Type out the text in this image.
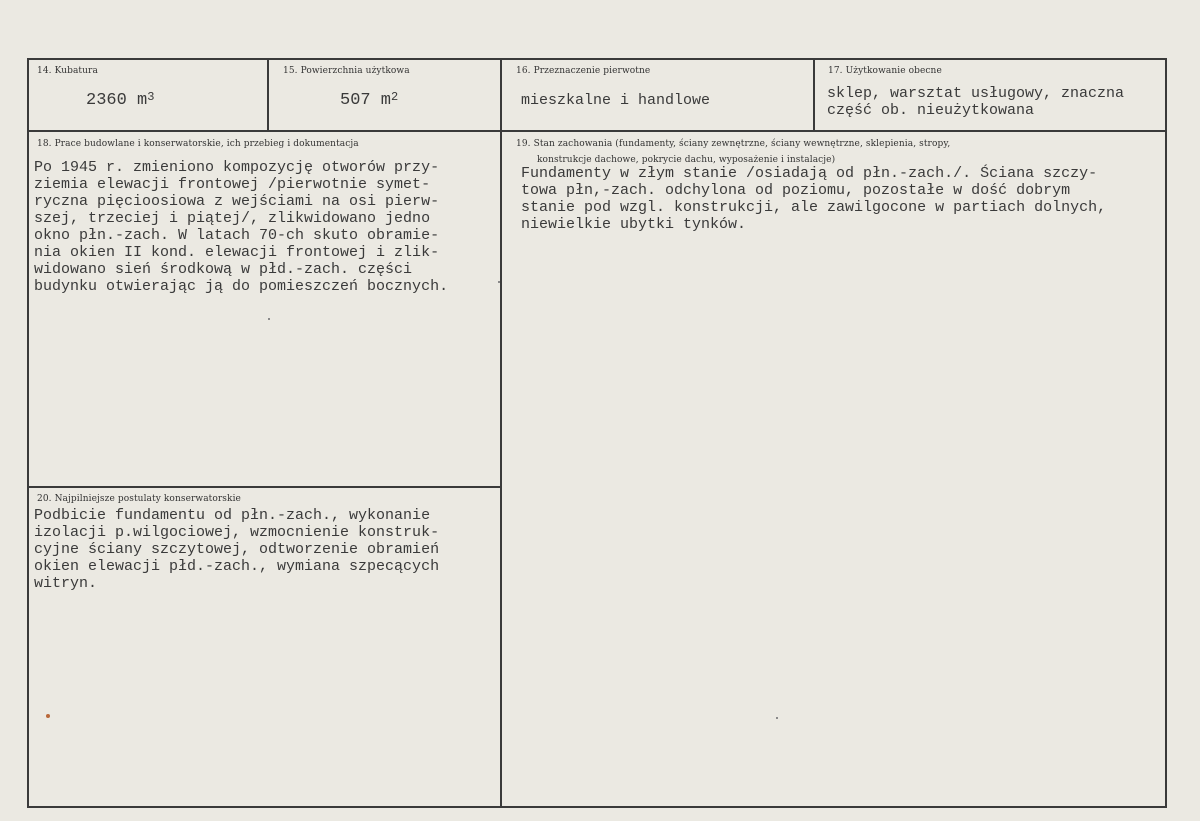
14. Kubatura
2360 $m^3$
15. Powierzchnia użytkowa
507 $m^2$
16. Przeznaczenie pierwotne
mieszkalne i handlowe
17. Użytkowanie obecne
sklep, warsztat usługowy, znaczna
część ob. nieużytkowana
18. Prace budowlane i konserwatorskie, ich przebieg i dokumentacja
Po 1945 r. zmieniono kompozycję otworów przy-
ziemia elewacji frontowej /pierwotnie symet-
ryczna pięcioosiowa z wejściami na osi pierw-
szej, trzeciej i piątej/, zlikwidowano jedno
okno płn.-zach. W latach 70-ch skuto obramie-
nia okien II kond. elewacji frontowej i zlik-
widowano sień środkową w płd.-zach. części
budynku otwierając ją do pomieszczeń bocznych.
19. Stan zachowania (fundamenty, ściany zewnętrzne, ściany wewnętrzne, sklepienia, stropy,
konstrukcje dachowe, pokrycie dachu, wyposażenie i instalacje)
Fundamenty w złym stanie /osiadają od płn.-zach./. Ściana szczy-
towa płn,-zach. odchylona od poziomu, pozostałe w dość dobrym
stanie pod wzgl. konstrukcji, ale zawilgocone w partiach dolnych,
niewielkie ubytki tynków.
20. Najpilniejsze postulaty konserwatorskie
Podbicie fundamentu od płn.-zach., wykonanie
izolacji p.wilgociowej, wzmocnienie konstruk-
cyjne ściany szczytowej, odtworzenie obramień
okien elewacji płd.-zach., wymiana szpecących
witryn.
